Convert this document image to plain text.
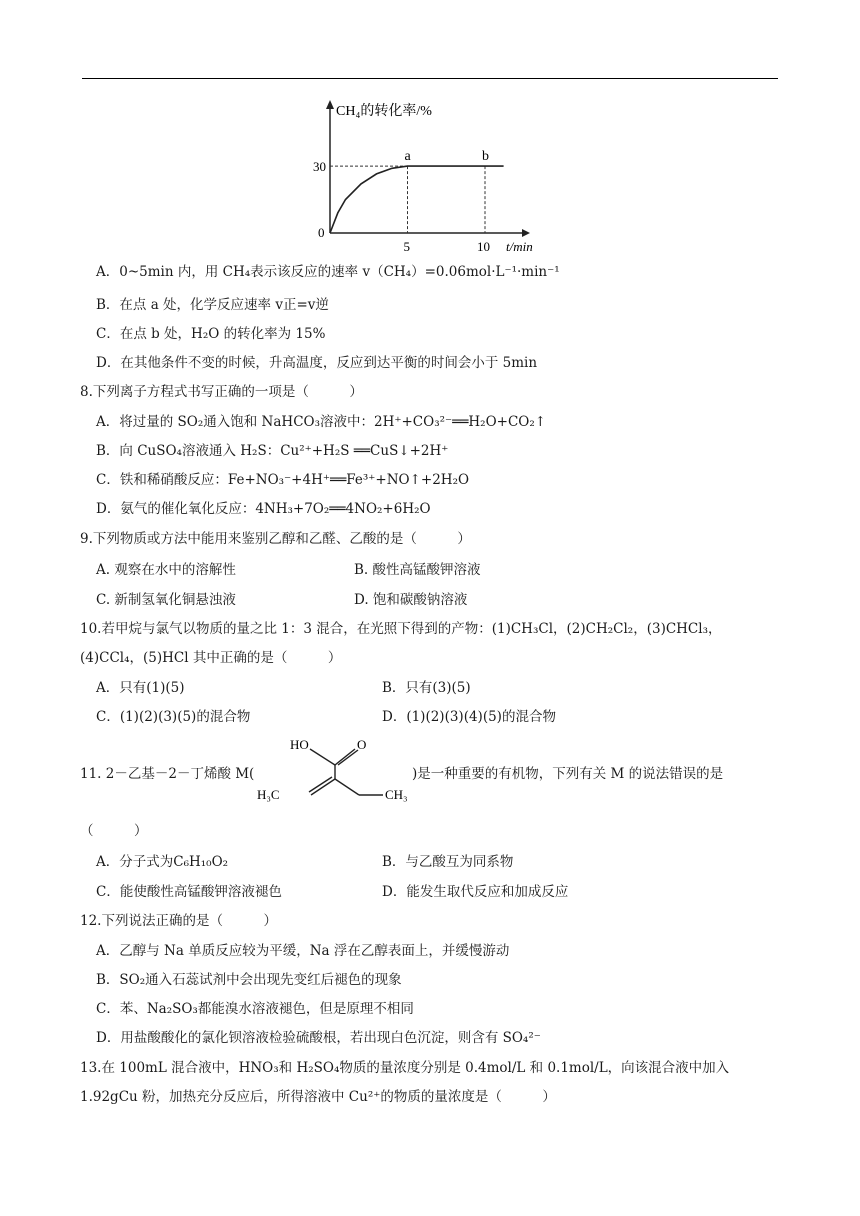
CH₄的转化率/%
t/min
0
5	10
30
a	b
A．0~5min 内，用 CH₄表示该反应的速率 v（CH₄）=0.06mol·L⁻¹·min⁻¹
B．在点 a 处，化学反应速率 v正=v逆
C．在点 b 处，H₂O 的转化率为 15%
D．在其他条件不变的时候，升高温度，反应到达平衡的时间会小于 5min
8.下列离子方程式书写正确的一项是（　　　）
A．将过量的 SO₂通入饱和 NaHCO₃溶液中：2H⁺+CO₃²⁻══H₂O+CO₂↑
B．向 CuSO₄溶液通入 H₂S：Cu²⁺+H₂S ══CuS↓+2H⁺
C．铁和稀硝酸反应：Fe+NO₃⁻+4H⁺══Fe³⁺+NO↑+2H₂O
D．氨气的催化氧化反应：4NH₃+7O₂══4NO₂+6H₂O
9.下列物质或方法中能用来鉴别乙醇和乙醛、乙酸的是（　　　）
A. 观察在水中的溶解性	B. 酸性高锰酸钾溶液
C. 新制氢氧化铜悬浊液	D. 饱和碳酸钠溶液
10.若甲烷与氯气以物质的量之比 1：3 混合，在光照下得到的产物：(1)CH₃Cl，(2)CH₂Cl₂，(3)CHCl₃，
(4)CCl₄，(5)HCl 其中正确的是（　　　）
A．只有(1)(5)	B．只有(3)(5)
C．(1)(2)(3)(5)的混合物	D．(1)(2)(3)(4)(5)的混合物
11. 2－乙基－2－丁烯酸 M(
HO	O
H₃C	CH₃
)是一种重要的有机物，下列有关 M 的说法错误的是
（　　　）
A．分子式为C₆H₁₀O₂	B．与乙酸互为同系物
C．能使酸性高锰酸钾溶液褪色	D．能发生取代反应和加成反应
12.下列说法正确的是（　　　）
A．乙醇与 Na 单质反应较为平缓，Na 浮在乙醇表面上，并缓慢游动
B．SO₂通入石蕊试剂中会出现先变红后褪色的现象
C．苯、Na₂SO₃都能溴水溶液褪色，但是原理不相同
D．用盐酸酸化的氯化钡溶液检验硫酸根，若出现白色沉淀，则含有 SO₄²⁻
13.在 100mL 混合液中，HNO₃和 H₂SO₄物质的量浓度分别是 0.4mol/L 和 0.1mol/L，向该混合液中加入
1.92gCu 粉，加热充分反应后，所得溶液中 Cu²⁺的物质的量浓度是（　　　）
